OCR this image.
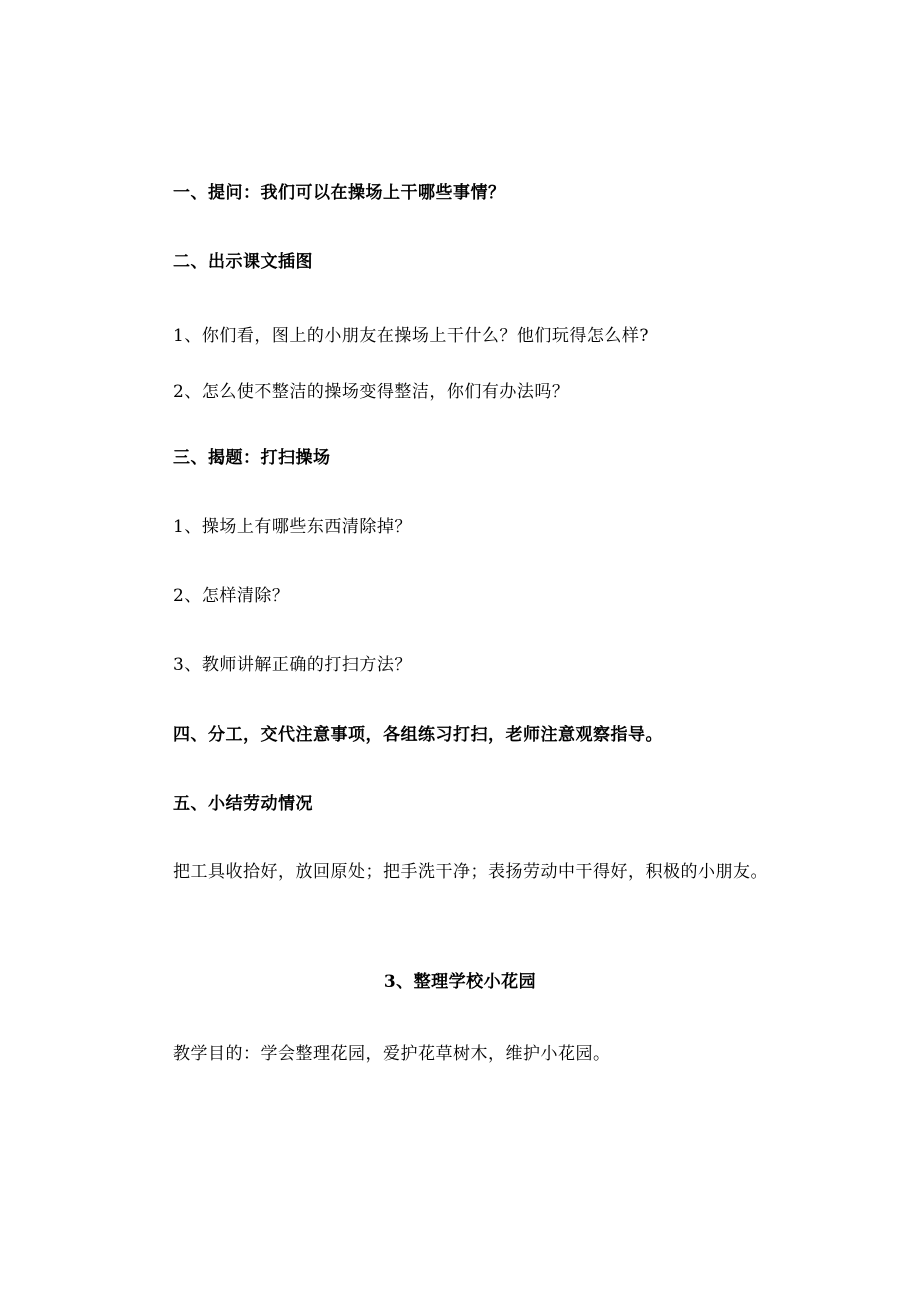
一、提问：我们可以在操场上干哪些事情？
二、出示课文插图
1、你们看，图上的小朋友在操场上干什么？他们玩得怎么样?
2、怎么使不整洁的操场变得整洁，你们有办法吗？
三、揭题：打扫操场
1、操场上有哪些东西清除掉？
2、怎样清除？
3、教师讲解正确的打扫方法？
四、分工，交代注意事项，各组练习打扫，老师注意观察指导。
五、小结劳动情况
把工具收拾好，放回原处；把手洗干净；表扬劳动中干得好，积极的小朋友。
3、整理学校小花园
教学目的：学会整理花园，爱护花草树木，维护小花园。
